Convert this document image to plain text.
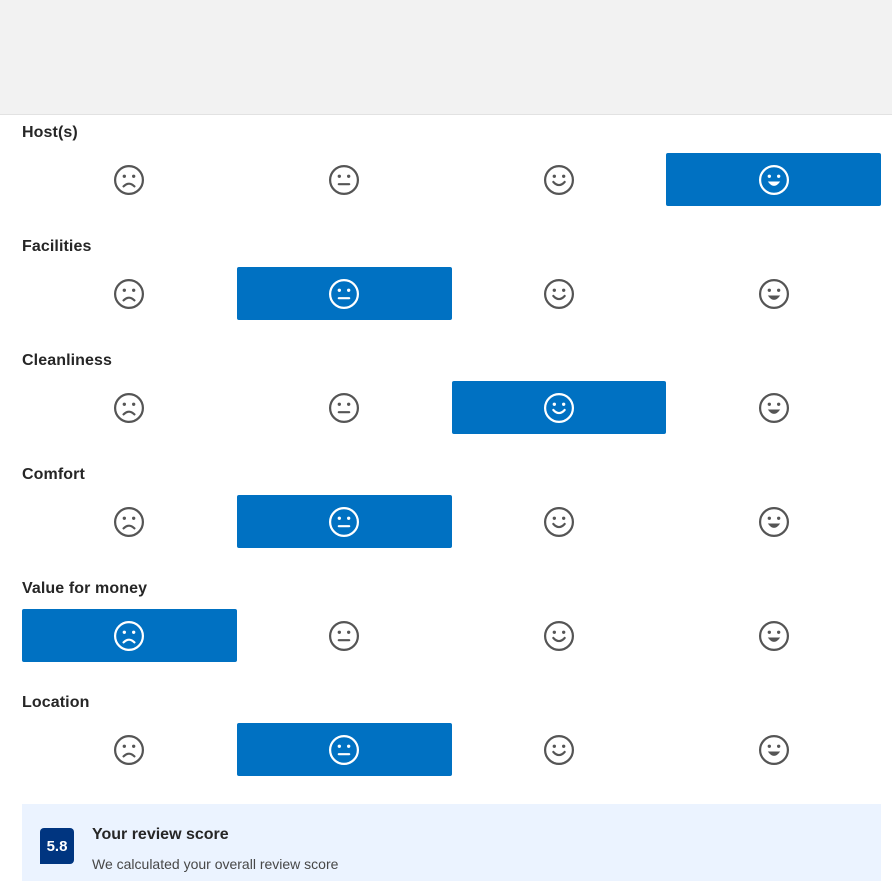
Host(s)
Facilities
Cleanliness
Comfort
Value for money
Location
5.8
Your review score
We calculated your overall review score
